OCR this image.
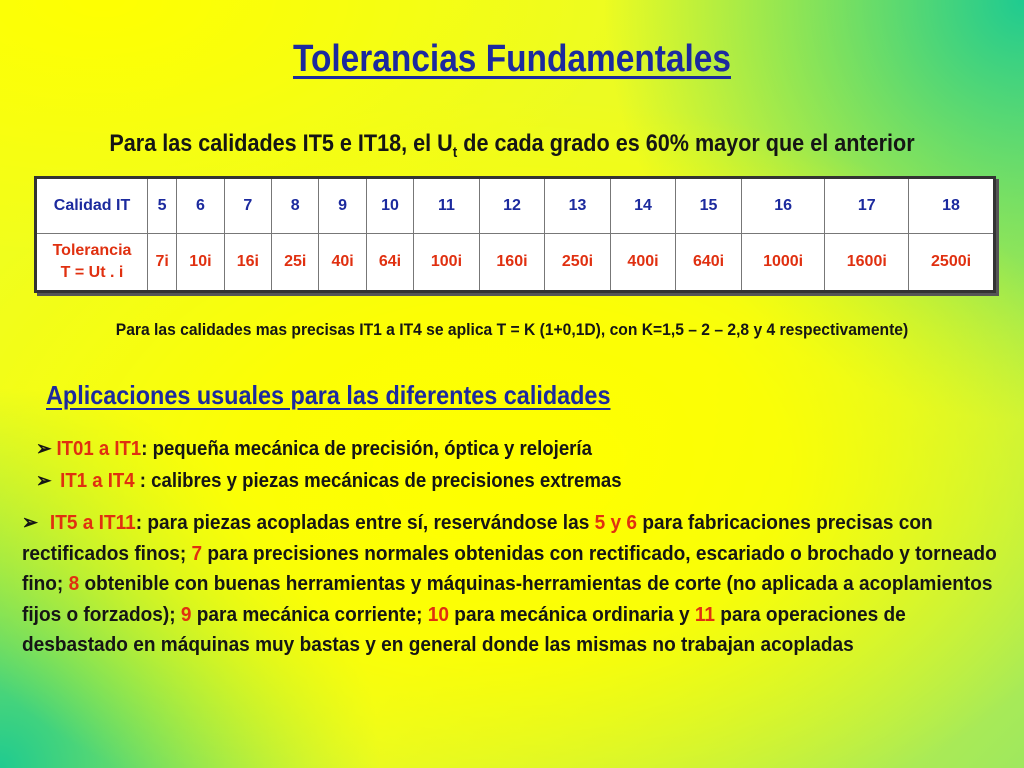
Tolerancias Fundamentales
Para las calidades IT5 e IT18, el $U_t$ de cada grado es 60% mayor que el anterior
Calidad IT	5	6	7	8	9	10	11	12	13	14	15	16	17	18
Tolerancia
T = Ut . i	7i	10i	16i	25i	40i	64i	100i	160i	250i	400i	640i	1000i	1600i	2500i
Para las calidades mas precisas IT1 a IT4 se aplica T = K (1+0,1D), con K=1,5 – 2 – 2,8 y 4 respectivamente)
Aplicaciones usuales para las diferentes calidades
➢ IT01 a IT1: pequeña mecánica de precisión, óptica y relojería
➢ IT1 a IT4 : calibres y piezas mecánicas de precisiones extremas
➢ IT5 a IT11: para piezas acopladas entre sí, reservándose las 5 y 6 para fabricaciones precisas con rectificados finos; 7 para precisiones normales obtenidas con rectificado, escariado o brochado y torneado fino; 8 obtenible con buenas herramientas y máquinas-herramientas de corte (no aplicada a acoplamientos fijos o forzados); 9 para mecánica corriente; 10 para mecánica ordinaria y 11 para operaciones de desbastado en máquinas muy bastas y en general donde las mismas no trabajan acopladas
